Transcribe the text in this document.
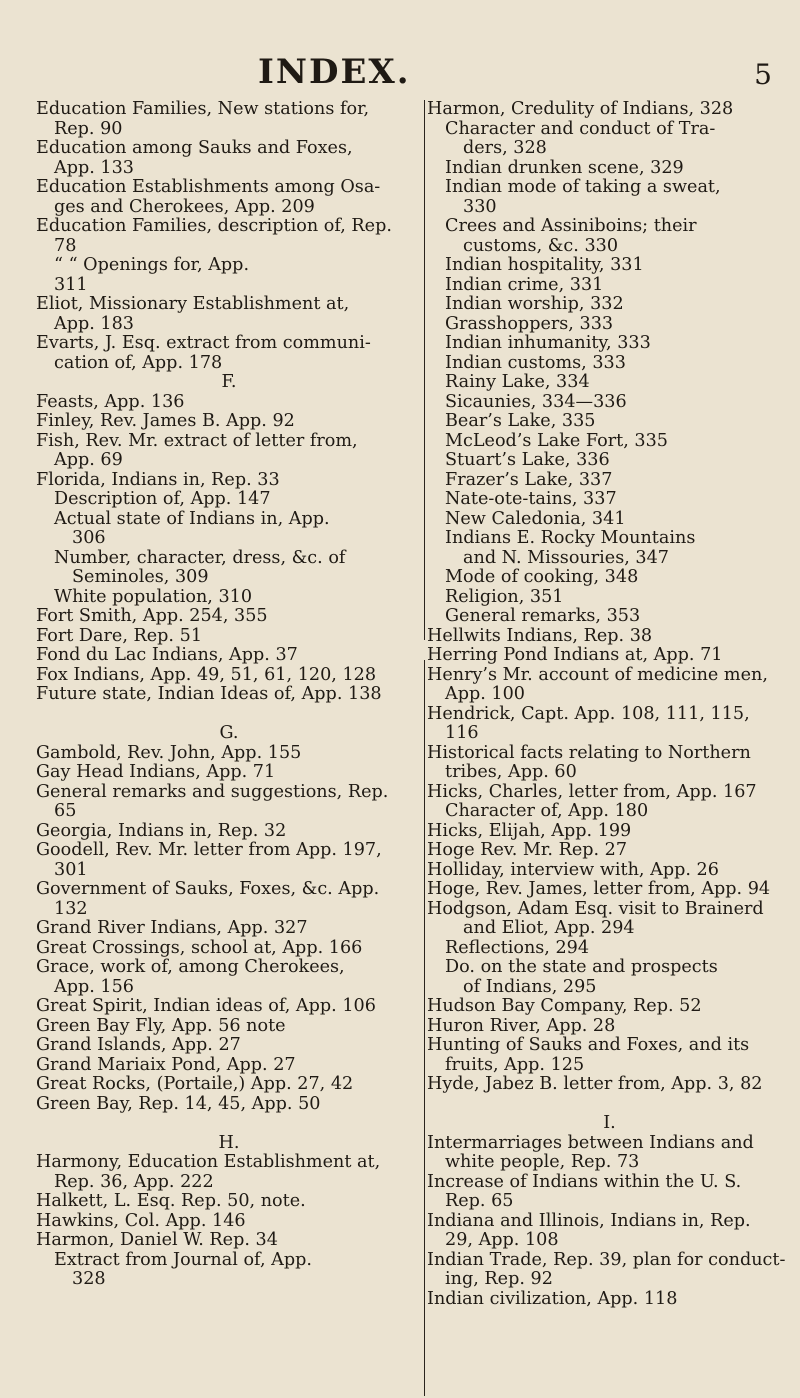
INDEX.	5
Education Families, New stations for,
Rep. 90
Education among Sauks and Foxes,
App. 133
Education Establishments among Osa-
ges and Cherokees, App. 209
Education Families, description of, Rep.
78
“ “ Openings for, App.
311
Eliot, Missionary Establishment at,
App. 183
Evarts, J. Esq. extract from communi-
cation of, App. 178
F.
Feasts, App. 136
Finley, Rev. James B. App. 92
Fish, Rev. Mr. extract of letter from,
App. 69
Florida, Indians in, Rep. 33
Description of, App. 147
Actual state of Indians in, App.
306
Number, character, dress, &c. of
Seminoles, 309
White population, 310
Fort Smith, App. 254, 355
Fort Dare, Rep. 51
Fond du Lac Indians, App. 37
Fox Indians, App. 49, 51, 61, 120, 128
Future state, Indian Ideas of, App. 138

G.
Gambold, Rev. John, App. 155
Gay Head Indians, App. 71
General remarks and suggestions, Rep.
65
Georgia, Indians in, Rep. 32
Goodell, Rev. Mr. letter from App. 197,
301
Government of Sauks, Foxes, &c. App.
132
Grand River Indians, App. 327
Great Crossings, school at, App. 166
Grace, work of, among Cherokees,
App. 156
Great Spirit, Indian ideas of, App. 106
Green Bay Fly, App. 56 note
Grand Islands, App. 27
Grand Mariaix Pond, App. 27
Great Rocks, (Portaile,) App. 27, 42
Green Bay, Rep. 14, 45, App. 50

H.
Harmony, Education Establishment at,
Rep. 36, App. 222
Halkett, L. Esq. Rep. 50, note.
Hawkins, Col. App. 146
Harmon, Daniel W. Rep. 34
Extract from Journal of, App.
328
Harmon, Credulity of Indians, 328
Character and conduct of Tra-
ders, 328
Indian drunken scene, 329
Indian mode of taking a sweat,
330
Crees and Assiniboins; their
customs, &c. 330
Indian hospitality, 331
Indian crime, 331
Indian worship, 332
Grasshoppers, 333
Indian inhumanity, 333
Indian customs, 333
Rainy Lake, 334
Sicaunies, 334—336
Bear’s Lake, 335
McLeod’s Lake Fort, 335
Stuart’s Lake, 336
Frazer’s Lake, 337
Nate-ote-tains, 337
New Caledonia, 341
Indians E. Rocky Mountains
and N. Missouries, 347
Mode of cooking, 348
Religion, 351
General remarks, 353
Hellwits Indians, Rep. 38
Herring Pond Indians at, App. 71
Henry’s Mr. account of medicine men,
App. 100
Hendrick, Capt. App. 108, 111, 115,
116
Historical facts relating to Northern
tribes, App. 60
Hicks, Charles, letter from, App. 167
Character of, App. 180
Hicks, Elijah, App. 199
Hoge Rev. Mr. Rep. 27
Holliday, interview with, App. 26
Hoge, Rev. James, letter from, App. 94
Hodgson, Adam Esq. visit to Brainerd
and Eliot, App. 294
Reflections, 294
Do. on the state and prospects
of Indians, 295
Hudson Bay Company, Rep. 52
Huron River, App. 28
Hunting of Sauks and Foxes, and its
fruits, App. 125
Hyde, Jabez B. letter from, App. 3, 82

I.
Intermarriages between Indians and
white people, Rep. 73
Increase of Indians within the U. S.
Rep. 65
Indiana and Illinois, Indians in, Rep.
29, App. 108
Indian Trade, Rep. 39, plan for conduct-
ing, Rep. 92
Indian civilization, App. 118
